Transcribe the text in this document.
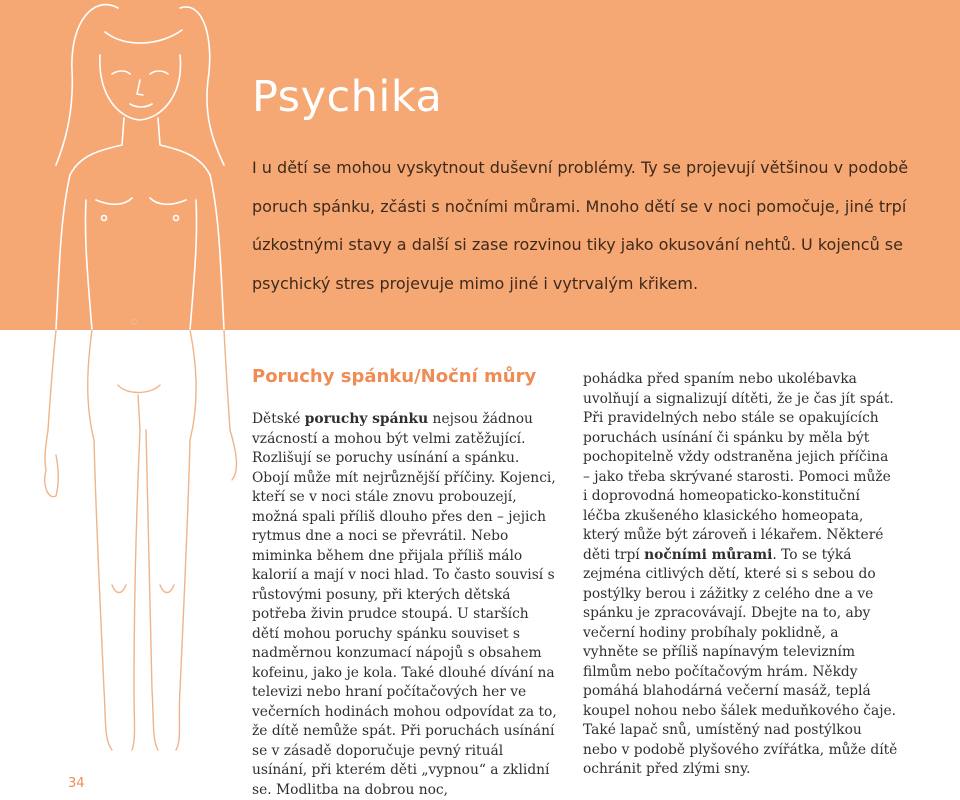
Psychika

I u dětí se mohou vyskytnout duševní problémy. Ty se projevují většinou v podobě poruch spánku, zčásti s nočními můrami. Mnoho dětí se v noci pomočuje, jiné trpí úzkostnými stavy a další si zase rozvinou tiky jako okusování nehtů. U kojenců se psychický stres projevuje mimo jiné i vytrvalým křikem.

Poruchy spánku/Noční můry

Dětské poruchy spánku nejsou žádnou vzácností a mohou být velmi zatěžující. Rozlišují se poruchy usínání a spánku. Obojí může mít nejrůznější příčiny. Kojenci, kteří se v noci stále znovu probouzejí, možná spali příliš dlouho přes den – jejich rytmus dne a noci se převrátil. Nebo miminka během dne přijala příliš málo kalorií a mají v noci hlad. To často souvisí s růstovými posuny, při kterých dětská potřeba živin prudce stoupá. U starších dětí mohou poruchy spánku souviset s nadměrnou konzumací nápojů s obsahem kofeinu, jako je kola. Také dlouhé dívání na televizi nebo hraní počítačových her ve večerních hodinách mohou odpovídat za to, že dítě nemůže spát. Při poruchách usínání se v zásadě doporučuje pevný rituál usínání, při kterém děti „vypnou“ a zklidní se. Modlitba na dobrou noc,

pohádka před spaním nebo ukolébavka uvolňují a signalizují dítěti, že je čas jít spát. Při pravidelných nebo stále se opakujících poruchách usínání či spánku by měla být pochopitelně vždy odstraněna jejich příčina – jako třeba skrývané starosti. Pomoci může i doprovodná homeopaticko-konstituční léčba zkušeného klasického homeopata, který může být zároveň i lékařem. Některé děti trpí nočními můrami. To se týká zejména citlivých dětí, které si s sebou do postýlky berou i zážitky z celého dne a ve spánku je zpracovávají. Dbejte na to, aby večerní hodiny probíhaly poklidně, a vyhněte se příliš napínavým televizním filmům nebo počítačovým hrám. Někdy pomáhá blahodárná večerní masáž, teplá koupel nohou nebo šálek meduňkového čaje. Také lapač snů, umístěný nad postýlkou nebo v podobě plyšového zvířátka, může dítě ochránit před zlými sny.

34
